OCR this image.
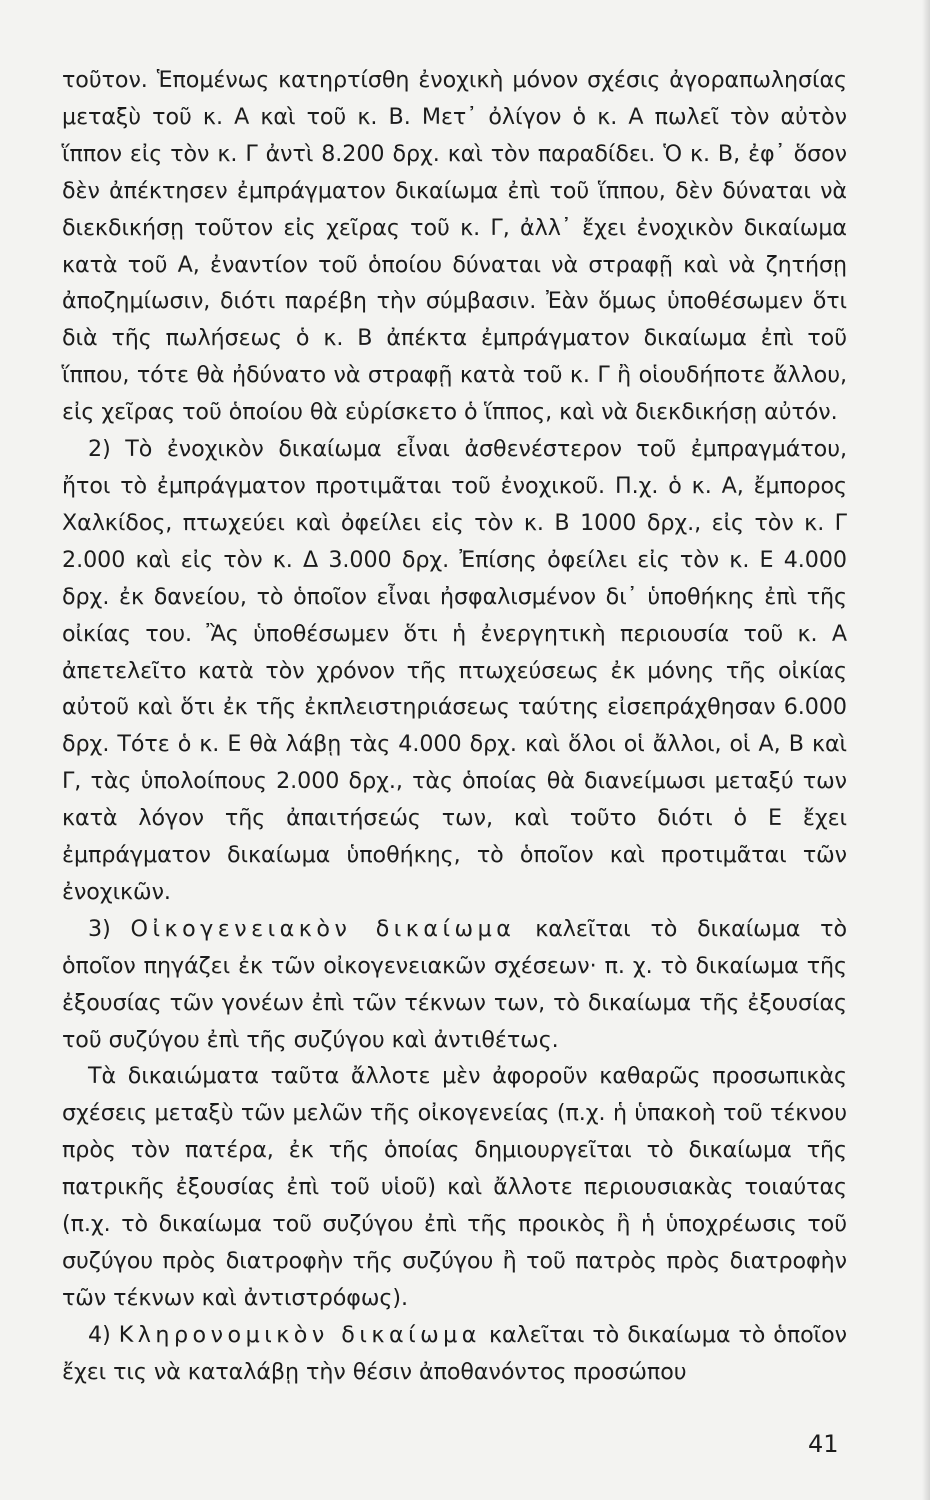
τοῦτον. Ἑπομένως κατηρτίσθη ἐνοχικὴ μόνον σχέσις ἀγοραπωλησίας μεταξὺ τοῦ κ. Α καὶ τοῦ κ. Β. Μετ᾽ ὀλίγον ὁ κ. Α πωλεῖ τὸν αὐτὸν ἵππον εἰς τὸν κ. Γ ἀντὶ 8.200 δρχ. καὶ τὸν παραδίδει. Ὁ κ. Β, ἐφ᾽ ὅσον δὲν ἀπέκτησεν ἐμπράγματον δικαίωμα ἐπὶ τοῦ ἵππου, δὲν δύναται νὰ διεκδικήσῃ τοῦτον εἰς χεῖρας τοῦ κ. Γ, ἀλλ᾽ ἔχει ἐνοχικὸν δικαίωμα κατὰ τοῦ Α, ἐναντίον τοῦ ὁποίου δύναται νὰ στραφῇ καὶ νὰ ζητήσῃ ἀποζημίωσιν, διότι παρέβη τὴν σύμβασιν. Ἐὰν ὅμως ὑποθέσωμεν ὅτι διὰ τῆς πωλήσεως ὁ κ. Β ἀπέκτα ἐμπράγματον δικαίωμα ἐπὶ τοῦ ἵππου, τότε θὰ ἠδύνατο νὰ στραφῇ κατὰ τοῦ κ. Γ ἢ οἱουδήποτε ἄλλου, εἰς χεῖρας τοῦ ὁποίου θὰ εὑρίσκετο ὁ ἵππος, καὶ νὰ διεκδικήσῃ αὐτόν.

2) Τὸ ἐνοχικὸν δικαίωμα εἶναι ἀσθενέστερον τοῦ ἐμπραγμάτου, ἤτοι τὸ ἐμπράγματον προτιμᾶται τοῦ ἐνοχικοῦ. Π.χ. ὁ κ. Α, ἔμπορος Χαλκίδος, πτωχεύει καὶ ὀφείλει εἰς τὸν κ. Β 1000 δρχ., εἰς τὸν κ. Γ 2.000 καὶ εἰς τὸν κ. Δ 3.000 δρχ. Ἐπίσης ὀφείλει εἰς τὸν κ. Ε 4.000 δρχ. ἐκ δανείου, τὸ ὁποῖον εἶναι ἠσφαλισμένον δι᾽ ὑποθήκης ἐπὶ τῆς οἰκίας του. Ἂς ὑποθέσωμεν ὅτι ἡ ἐνεργητικὴ περιουσία τοῦ κ. Α ἀπετελεῖτο κατὰ τὸν χρόνον τῆς πτωχεύσεως ἐκ μόνης τῆς οἰκίας αὐτοῦ καὶ ὅτι ἐκ τῆς ἐκπλειστηριάσεως ταύτης εἰσεπράχθησαν 6.000 δρχ. Τότε ὁ κ. Ε θὰ λάβῃ τὰς 4.000 δρχ. καὶ ὅλοι οἱ ἄλλοι, οἱ Α, Β καὶ Γ, τὰς ὑπολοίπους 2.000 δρχ., τὰς ὁποίας θὰ διανείμωσι μεταξύ των κατὰ λόγον τῆς ἀπαιτήσεώς των, καὶ τοῦτο διότι ὁ Ε ἔχει ἐμπράγματον δικαίωμα ὑποθήκης, τὸ ὁποῖον καὶ προτιμᾶται τῶν ἐνοχικῶν.

3) Οἰκογενειακὸν δικαίωμα καλεῖται τὸ δικαίωμα τὸ ὁποῖον πηγάζει ἐκ τῶν οἰκογενειακῶν σχέσεων· π. χ. τὸ δικαίωμα τῆς ἐξουσίας τῶν γονέων ἐπὶ τῶν τέκνων των, τὸ δικαίωμα τῆς ἐξουσίας τοῦ συζύγου ἐπὶ τῆς συζύγου καὶ ἀντιθέτως.

Τὰ δικαιώματα ταῦτα ἄλλοτε μὲν ἀφοροῦν καθαρῶς προσωπικὰς σχέσεις μεταξὺ τῶν μελῶν τῆς οἰκογενείας (π.χ. ἡ ὑπακοὴ τοῦ τέκνου πρὸς τὸν πατέρα, ἐκ τῆς ὁποίας δημιουργεῖται τὸ δικαίωμα τῆς πατρικῆς ἐξουσίας ἐπὶ τοῦ υἱοῦ) καὶ ἄλλοτε περιουσιακὰς τοιαύτας (π.χ. τὸ δικαίωμα τοῦ συζύγου ἐπὶ τῆς προικὸς ἢ ἡ ὑποχρέωσις τοῦ συζύγου πρὸς διατροφὴν τῆς συζύγου ἢ τοῦ πατρὸς πρὸς διατροφὴν τῶν τέκνων καὶ ἀντιστρόφως).

4) Κληρονομικὸν δικαίωμα καλεῖται τὸ δικαίωμα τὸ ὁποῖον ἔχει τις νὰ καταλάβῃ τὴν θέσιν ἀποθανόντος προσώπου

41
